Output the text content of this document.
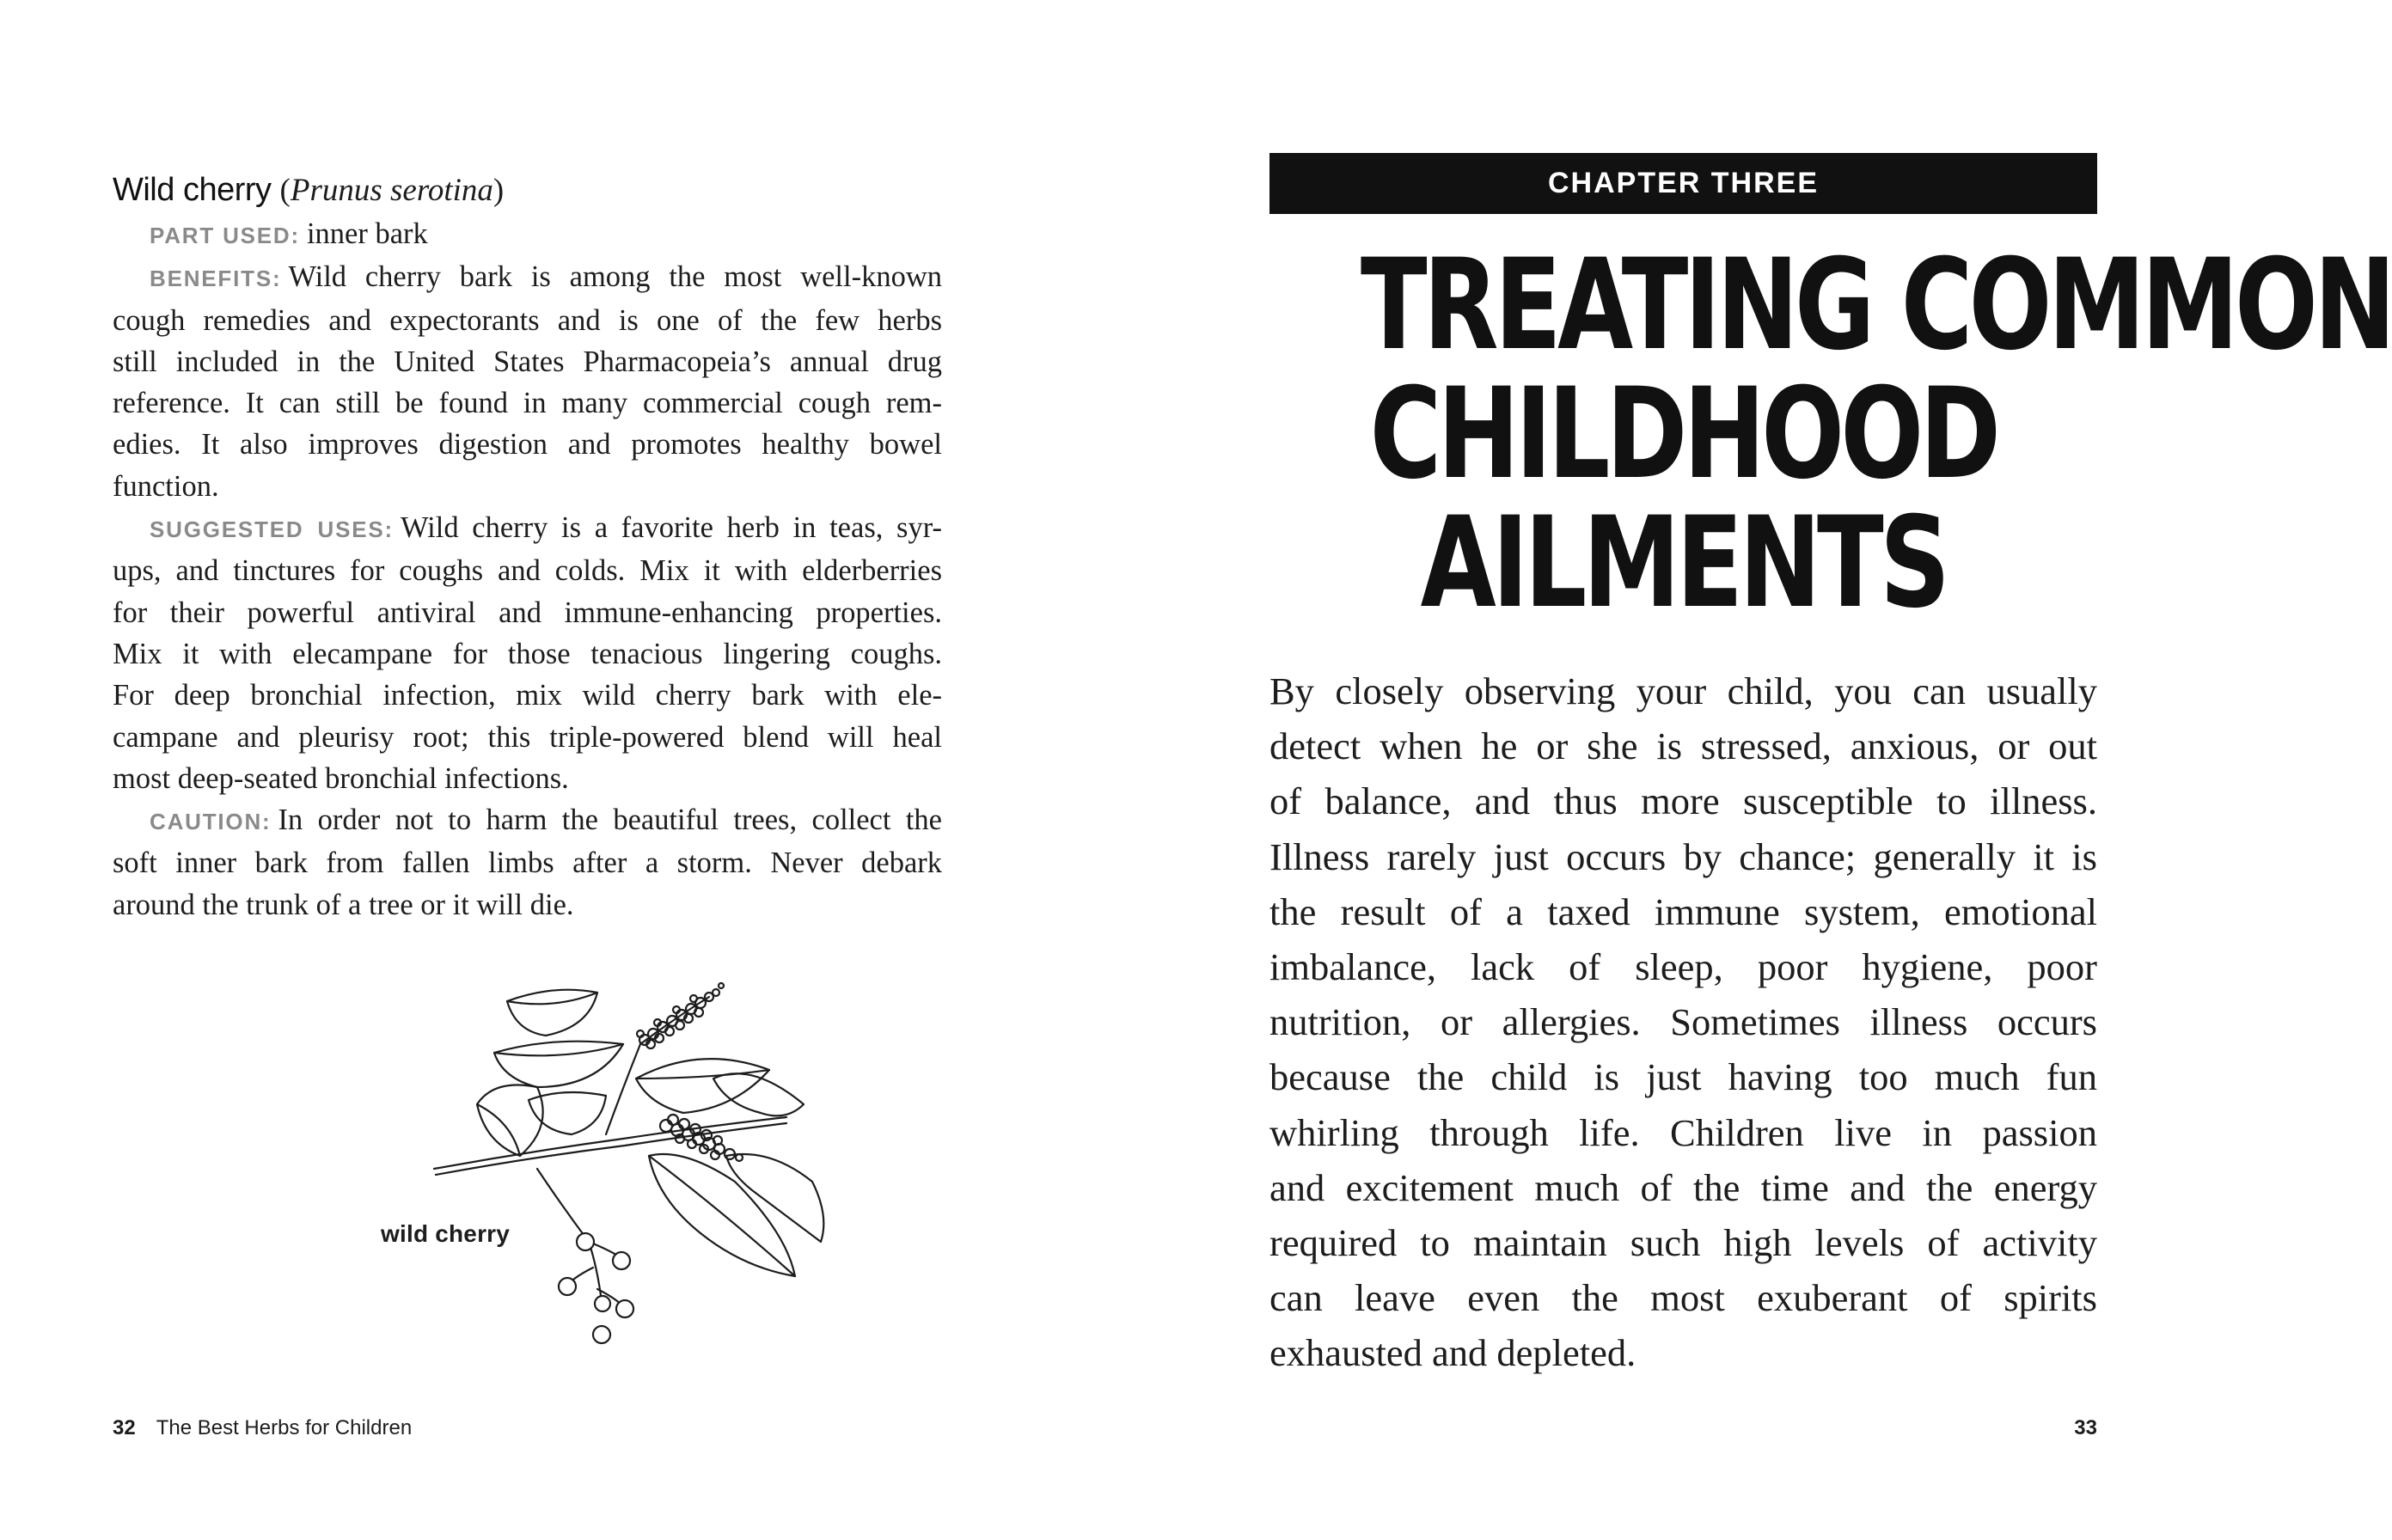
Wild cherry (Prunus serotina)

PART USED: inner bark

BENEFITS: Wild cherry bark is among the most well-known
cough remedies and expectorants and is one of the few herbs
still included in the United States Pharmacopeia’s annual drug
reference. It can still be found in many commercial cough rem-
edies. It also improves digestion and promotes healthy bowel
function.

SUGGESTED USES: Wild cherry is a favorite herb in teas, syr-
ups, and tinctures for coughs and colds. Mix it with elderberries
for their powerful antiviral and immune-enhancing properties.
Mix it with elecampane for those tenacious lingering coughs.
For deep bronchial infection, mix wild cherry bark with ele-
campane and pleurisy root; this triple-powered blend will heal
most deep-seated bronchial infections.

CAUTION: In order not to harm the beautiful trees, collect the
soft inner bark from fallen limbs after a storm. Never debark
around the trunk of a tree or it will die.

wild cherry
32 The Best Herbs for Children
CHAPTER THREE
TREATING COMMON
CHILDHOOD
AILMENTS
By closely observing your child, you can usually
detect when he or she is stressed, anxious, or out
of balance, and thus more susceptible to illness.
Illness rarely just occurs by chance; generally it is
the result of a taxed immune system, emotional
imbalance, lack of sleep, poor hygiene, poor
nutrition, or allergies. Sometimes illness occurs
because the child is just having too much fun
whirling through life. Children live in passion
and excitement much of the time and the energy
required to maintain such high levels of activity
can leave even the most exuberant of spirits
exhausted and depleted.
33
